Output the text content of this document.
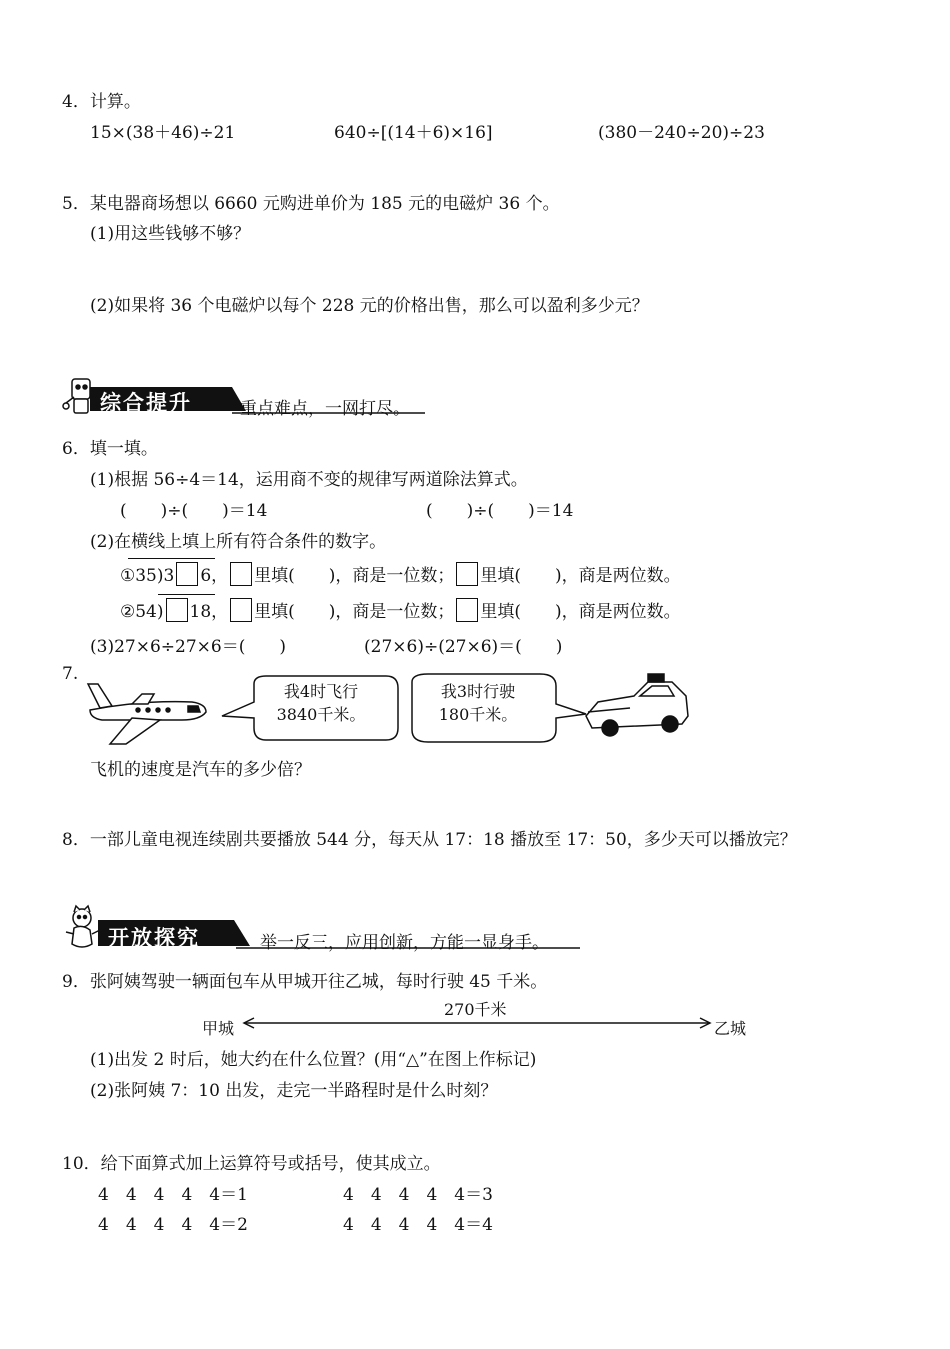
4．计算。
15×(38＋46)÷21	640÷[(14＋6)×16]	(380－240÷20)÷23
5．某电器商场想以 6660 元购进单价为 185 元的电磁炉 36 个。
(1)用这些钱够不够？
(2)如果将 36 个电磁炉以每个 228 元的价格出售，那么可以盈利多少元？
综合提升	重点难点，一网打尽。
6．填一填。
(1)根据 56÷4＝14，运用商不变的规律写两道除法算式。
(　　)÷(　　)＝14	(　　)÷(　　)＝14
(2)在横线上填上所有符合条件的数字。
①35)3 6， 里填(　　)，商是一位数； 里填(　　)，商是两位数。
②54) 18， 里填(　　)，商是一位数； 里填(　　)，商是两位数。
(3)27×6÷27×6＝(　　)	(27×6)÷(27×6)＝(　　)
7.
我4时飞行
3840千米。
我3时行驶
180千米。
飞机的速度是汽车的多少倍？
8．一部儿童电视连续剧共要播放 544 分，每天从 17：18 播放至 17：50，多少天可以播放完？
开放探究	举一反三，应用创新，方能一显身手。
9．张阿姨驾驶一辆面包车从甲城开往乙城，每时行驶 45 千米。
270千米
甲城	乙城
(1)出发 2 时后，她大约在什么位置？(用“△”在图上作标记)
(2)张阿姨 7：10 出发，走完一半路程时是什么时刻？
10．给下面算式加上运算符号或括号，使其成立。
4　4　4　4　4＝1
4　4　4　4　4＝2
4　4　4　4　4＝3
4　4　4　4　4＝4
